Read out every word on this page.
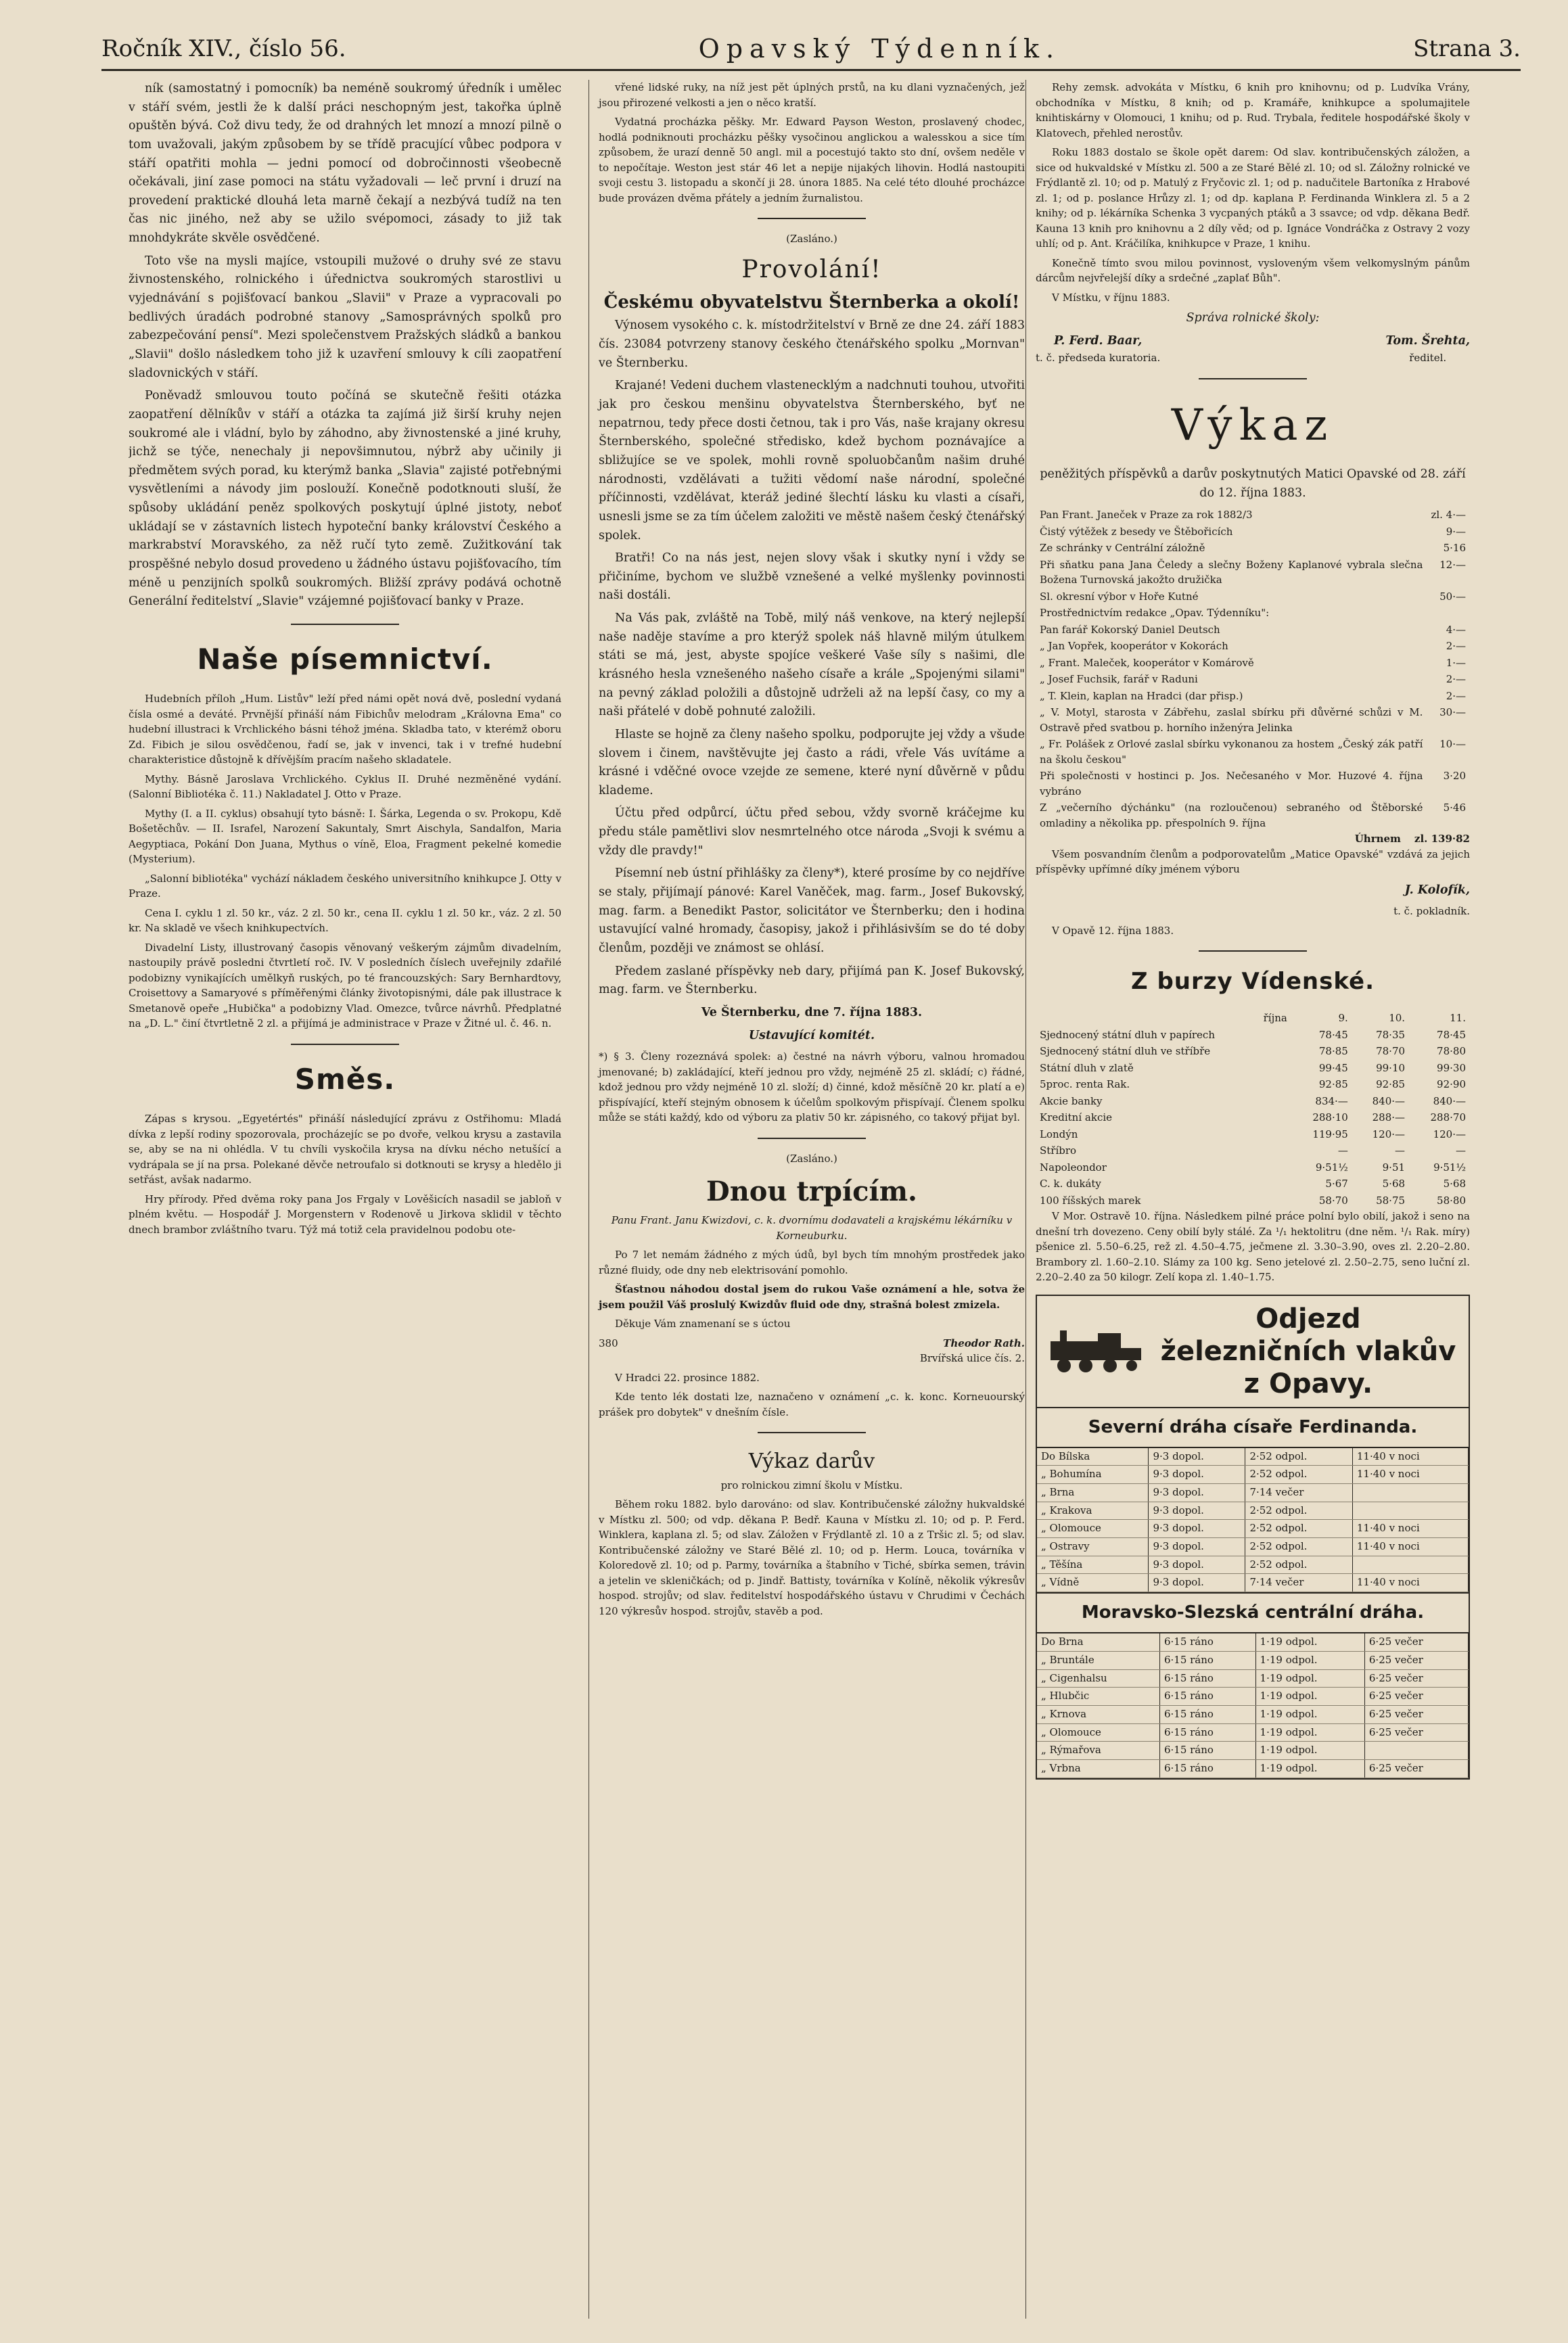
Ročník XIV., číslo 56.	Opavský Týdenník.	Strana 3.

ník (samostatný i pomocník) ba neméně soukromý úředník i umělec v stáří svém, jestli že k další práci neschopným jest, takořka úplně opuštěn bývá. Což divu tedy, že od drahných let mnozí a mnozí pilně o tom uvažovali, jakým způsobem by se třídě pracující vůbec podpora v stáří opatřiti mohla — jedni pomocí od dobročinnosti všeobecně očekávali, jiní zase pomoci na státu vyžadovali — leč první i druzí na provedení praktické dlouhá leta marně čekají a nezbývá tudíž na ten čas nic jiného, než aby se užilo svépomoci, zásady to již tak mnohdykráte skvěle osvědčené.

Toto vše na mysli majíce, vstoupili mužové o druhy své ze stavu živnostenského, rolnického i úřednictva soukromých starostlivi u vyjednávání s pojišťovací bankou „Slavii" v Praze a vypracovali po bedlivých úradách podrobné stanovy „Samosprávných spolků pro zabezpečování pensí". Mezi společenstvem Pražských sládků a bankou „Slavii" došlo následkem toho již k uzavření smlouvy k cíli zaopatření sladovnických v stáří.

Poněvadž smlouvou touto počíná se skutečně řešiti otázka zaopatření dělníkův v stáří a otázka ta zajímá již širší kruhy nejen soukromé ale i vládní, bylo by záhodno, aby živnostenské a jiné kruhy, jichž se týče, nenechaly ji nepovšimnutou, nýbrž aby učinily ji předmětem svých porad, ku kterýmž banka „Slavia" zajisté potřebnými vysvětleními a návody jim poslouží. Konečně podotknouti sluší, že spůsoby ukládání peněz spolkových poskytují úplné jistoty, neboť ukládají se v zástavních listech hypoteční banky království Českého a markrabství Moravského, za něž ručí tyto země. Zužitkování tak prospěšné nebylo dosud provedeno u žádného ústavu pojišťovacího, tím méně u penzijních spolků soukromých. Bližší zprávy podává ochotně Generální ředitelství „Slavie" vzájemné pojišťovací banky v Praze.

Naše písemnictví.

Hudebních příloh „Hum. Listův" leží před námi opět nová dvě, poslední vydaná čísla osmé a deváté. Prvnější přináší nám Fibichův melodram „Královna Ema" co hudební illustraci k Vrchlického básni téhož jména. Skladba tato, v kterémž oboru Zd. Fibich je silou osvědčenou, řadí se, jak v invenci, tak i v trefné hudební charakteristice důstojně k dřívějším pracím našeho skladatele.

Mythy. Básně Jaroslava Vrchlického. Cyklus II. Druhé nezměněné vydání. (Salonní Bibliotéka č. 11.) Nakladatel J. Otto v Praze.

Mythy (I. a II. cyklus) obsahují tyto básně: I. Šárka, Legenda o sv. Prokopu, Kdě Bošetěchův. — II. Israfel, Narození Sakuntaly, Smrt Aischyla, Sandalfon, Maria Aegyptiaca, Pokání Don Juana, Mythus o víně, Eloa, Fragment pekelné komedie (Mysterium).

„Salonní bibliotéka" vychází nákladem českého universitního knihkupce J. Otty v Praze.

Cena I. cyklu 1 zl. 50 kr., váz. 2 zl. 50 kr., cena II. cyklu 1 zl. 50 kr., váz. 2 zl. 50 kr. Na skladě ve všech knihkupectvích.

Divadelní Listy, illustrovaný časopis věnovaný veškerým zájmům divadelním, nastoupily právě posledni čtvrtletí roč. IV. V posledních číslech uveřejnily zdařilé podobizny vynikajících umělkyň ruských, po té francouzských: Sary Bernhardtovy, Croisettovy a Samaryové s příměřenými články životopisnými, dále pak illustrace k Smetanově opeře „Hubička" a podobizny Vlad. Omezce, tvůrce návrhů. Předplatné na „D. L." činí čtvrtletně 2 zl. a přijímá je administrace v Praze v Žitné ul. č. 46. n.

Směs.

Zápas s krysou. „Egyetértés" přináší následující zprávu z Ostřihomu: Mladá dívka z lepší rodiny spozorovala, procházejíc se po dvoře, velkou krysu a zastavila se, aby se na ni ohlédla. V tu chvíli vyskočila krysa na dívku nécho netušící a vydrápala se jí na prsa. Polekané děvče netroufalo si dotknouti se krysy a hledělo ji setřást, avšak nadarmo.

Hry přírody. Před dvěma roky pana Jos Frgaly v Lověšicích nasadil se jabloň v plném květu. — Hospodář J. Morgenstern v Rodenově u Jirkova sklidil v těchto dnech brambor zvláštního tvaru. Týž má totiž cela pravidelnou podobu ote-

vřené lidské ruky, na níž jest pět úplných prstů, na ku dlani vyznačených, jež jsou přirozené velkosti a jen o něco kratší.

Vydatná procházka pěšky. Mr. Edward Payson Weston, proslavený chodec, hodlá podniknouti procházku pěšky vysočinou anglickou a walesskou a sice tím způsobem, že urazí denně 50 angl. mil a pocestujó takto sto dní, ovšem neděle v to nepočítaje. Weston jest stár 46 let a nepije nijakých lihovin. Hodlá nastoupiti svoji cestu 3. listopadu a skončí ji 28. února 1885. Na celé této dlouhé procházce bude provázen dvěma přátely a jedním žurnalistou.

(Zasláno.)

Provolání!
Českému obyvatelstvu Šternberka a okolí!

Výnosem vysokého c. k. místodržitelství v Brně ze dne 24. září 1883 čís. 23084 potvrzeny stanovy českého čtenářského spolku „Mornvan" ve Šternberku.

Krajané! Vedeni duchem vlastenecklým a nadchnuti touhou, utvořiti jak pro českou menšinu obyvatelstva Šternberského, byť ne nepatrnou, tedy přece dosti četnou, tak i pro Vás, naše krajany okresu Šternberského, společné středisko, kdež bychom poznávajíce a sbližujíce se ve spolek, mohli rovně spoluobčanům našim druhé národnosti, vzdělávati a tužiti vědomí naše národní, společné příčinnosti, vzdělávat, kteráž jediné šlechtí lásku ku vlasti a císaři, usnesli jsme se za tím účelem založiti ve městě našem český čtenářský spolek.

Bratři! Co na nás jest, nejen slovy však i skutky nyní i vždy se přičiníme, bychom ve službě vznešené a velké myšlenky povinnosti naši dostáli.

Na Vás pak, zvláště na Tobě, milý náš venkove, na který nejlepší naše naděje stavíme a pro kterýž spolek náš hlavně milým útulkem státi se má, jest, abyste spojíce veškeré Vaše síly s našimi, dle krásného hesla vznešeného našeho císaře a krále „Spojenými silami" na pevný základ položili a důstojně udrželi až na lepší časy, co my a naši přátelé v době pohnuté založili.

Hlaste se hojně za členy našeho spolku, podporujte jej vždy a všude slovem i činem, navštěvujte jej často a rádi, vřele Vás uvítáme a krásné i vděčné ovoce vzejde ze semene, které nyní důvěrně v půdu klademe.

Účtu před odpůrcí, účtu před sebou, vždy svorně kráčejme ku předu stále pamětlivi slov nesmrtelného otce národa „Svoji k svému a vždy dle pravdy!"

Písemní neb ústní přihlášky za členy*), které prosíme by co nejdříve se staly, přijímají pánové: Karel Vaněček, mag. farm., Josef Bukovský, mag. farm. a Benedikt Pastor, solicitátor ve Šternberku; den i hodina ustavující valné hromady, časopisy, jakož i přihlásivším se do té doby členům, později ve známost se ohlásí.

Předem zaslané příspěvky neb dary, přijímá pan K. Josef Bukovský, mag. farm. ve Šternberku.

Ve Šternberku, dne 7. října 1883.

Ustavující komitét.

*) § 3. Členy rozeznává spolek: a) čestné na návrh výboru, valnou hromadou jmenované; b) zakládající, kteří jednou pro vždy, nejméně 25 zl. skládí; c) řádné, kdož jednou pro vždy nejméně 10 zl. složí; d) činné, kdož měsíčně 20 kr. platí a e) přispívající, kteří stejným obnosem k účelům spolkovým přispívají. Členem spolku může se státi každý, kdo od výboru za plativ 50 kr. zápisného, co takový přijat byl.

(Zasláno.)

Dnou trpícím.

Panu Frant. Janu Kwizdovi, c. k. dvornímu dodavateli a krajskému lékárníku v Korneuburku.

Po 7 let nemám žádného z mých údů, byl bych tím mnohým prostředek jako různé fluidy, ode dny neb elektrisování pomohlo.

Šťastnou náhodou dostal jsem do rukou Vaše oznámení a hle, sotva že jsem použil Váš proslulý Kwizdův fluid ode dny, strašná bolest zmizela.

Děkuje Vám znamenaní se s úctou

380	Theodor Rath.

Brvířská ulice čís. 2.

V Hradci 22. prosince 1882.

Kde tento lék dostati lze, naznačeno v oznámení „c. k. konc. Korneuourský prášek pro dobytek" v dnešním čísle.

Výkaz darův

pro rolnickou zimní školu v Místku.

Během roku 1882. bylo darováno: od slav. Kontribučenské záložny hukvaldské v Místku zl. 500; od vdp. děkana P. Bedř. Kauna v Místku zl. 10; od p. P. Ferd. Winklera, kaplana zl. 5; od slav. Záložen v Frýdlantě zl. 10 a z Tršic zl. 5; od slav. Kontribučenské záložny ve Staré Bělé zl. 10; od p. Herm. Louca, továrníka v Koloredově zl. 10; od p. Parmy, továrníka a štabního v Tiché, sbírka semen, trávin a jetelin ve skleničkách; od p. Jindř. Battisty, továrníka v Kolíně, několik výkresův hospod. strojův; od slav. ředitelství hospodářského ústavu v Chrudimi v Čechách 120 výkresův hospod. strojův, stavěb a pod.

Rehy zemsk. advokáta v Místku, 6 knih pro knihovnu; od p. Ludvíka Vrány, obchodníka v Místku, 8 knih; od p. Kramáře, knihkupce a spolumajitele knihtiskárny v Olomouci, 1 knihu; od p. Rud. Trybala, ředitele hospodářské školy v Klatovech, přehled nerostův.

Roku 1883 dostalo se škole opět darem: Od slav. kontribučenských záložen, a sice od hukvaldské v Místku zl. 500 a ze Staré Bělé zl. 10; od sl. Záložny rolnické ve Frýdlantě zl. 10; od p. Matulý z Fryčovic zl. 1; od p. nadučitele Bartoníka z Hrabové zl. 1; od p. poslance Hrůzy zl. 1; od dp. kaplana P. Ferdinanda Winklera zl. 5 a 2 knihy; od p. lékárníka Schenka 3 vycpaných ptáků a 3 ssavce; od vdp. děkana Bedř. Kauna 13 knih pro knihovnu a 2 díly věd; od p. Ignáce Vondráčka z Ostravy 2 vozy uhlí; od p. Ant. Kráčilíka, knihkupce v Praze, 1 knihu.

Konečně tímto svou milou povinnost, vysloveným všem velkomyslným pánům dárcům nejvřelejší díky a srdečné „zaplať Bůh".

V Místku, v říjnu 1883.

Správa rolnické školy:

P. Ferd. Baar,
t. č. předseda kuratoria.
Tom. Šrehta,
ředitel.
Výkaz

peněžitých příspěvků a darův poskytnutých Matici Opavské od 28. září do 12. října 1883.

Pan Frant. Janeček v Praze za rok 1882/3	zl. 4·—
Čistý výtěžek z besedy ve Štěbořicích	9·—
Ze schránky v Centrální záložně	5·16
Při sňatku pana Jana Čeledy a slečny Boženy Kaplanové vybrala slečna Božena Turnovská jakožto družička	12·—
Sl. okresní výbor v Hoře Kutné	50·—
Prostřednictvím redakce „Opav. Týdenníku":	
Pan farář Kokorský Daniel Deutsch	4·—
„ Jan Vopřek, kooperátor v Kokorách	2·—
„ Frant. Maleček, kooperátor v Komárově	1·—
„ Josef Fuchsik, farář v Raduni	2·—
„ T. Klein, kaplan na Hradci (dar přisp.)	2·—
„ V. Motyl, starosta v Zábřehu, zaslal sbírku při důvěrné schůzi v M. Ostravě před svatbou p. horního inženýra Jelinka	30·—
„ Fr. Polášek z Orlové zaslal sbírku vykonanou za hostem „Český zák patří na školu českou"	10·—
Při společnosti v hostinci p. Jos. Nečesaného v Mor. Huzové 4. října vybráno	3·20
Z „večerního dýchánku" (na rozloučenou) sebraného od Štěborské omladiny a několika pp. přespolních 9. října	5·46
Úhrnem zl. 139·82

Všem posvandním členům a podporovatelům „Matice Opavské" vzdává za jejich příspěvky upřímné díky jménem výboru

J. Kolofík,

t. č. pokladník.

V Opavě 12. října 1883.

Z burzy Vídenské.
října	9.	10.	11.
Sjednocený státní dluh v papírech	78·45	78·35	78·45
Sjednocený státní dluh ve stříbře	78·85	78·70	78·80
Státní dluh v zlatě	99·45	99·10	99·30
5proc. renta Rak.	92·85	92·85	92·90
Akcie banky	834·—	840·—	840·—
Kreditní akcie	288·10	288·—	288·70
Londýn	119·95	120·—	120·—
Stříbro	—	—	—
Napoleondor	9·51½	9·51	9·51½
C. k. dukáty	5·67	5·68	5·68
100 říšských marek	58·70	58·75	58·80

V Mor. Ostravě 10. října. Následkem pilné práce polní bylo obilí, jakož i seno na dnešní trh dovezeno. Ceny obilí byly stálé. Za ¹/₁ hektolitru (dne něm. ¹/₁ Rak. míry) pšenice zl. 5.50–6.25, rež zl. 4.50–4.75, ječmene zl. 3.30–3.90, oves zl. 2.20–2.80. Brambory zl. 1.60–2.10. Slámy za 100 kg. Seno jetelové zl. 2.50–2.75, seno luční zl. 2.20–2.40 za 50 kilogr. Zelí kopa zl. 1.40–1.75.

Odjezd
železničních vlakův z Opavy.
Severní dráha císaře Ferdinanda.
Do Bílska	9·3 dopol.	2·52 odpol.	11·40 v noci
„ Bohumína	9·3 dopol.	2·52 odpol.	11·40 v noci
„ Brna	9·3 dopol.	7·14 večer	
„ Krakova	9·3 dopol.	2·52 odpol.	
„ Olomouce	9·3 dopol.	2·52 odpol.	11·40 v noci
„ Ostravy	9·3 dopol.	2·52 odpol.	11·40 v noci
„ Těšína	9·3 dopol.	2·52 odpol.	
„ Vídně	9·3 dopol.	7·14 večer	11·40 v noci
Moravsko-Slezská centrální dráha.
Do Brna	6·15 ráno	1·19 odpol.	6·25 večer
„ Bruntále	6·15 ráno	1·19 odpol.	6·25 večer
„ Cigenhalsu	6·15 ráno	1·19 odpol.	6·25 večer
„ Hlubčic	6·15 ráno	1·19 odpol.	6·25 večer
„ Krnova	6·15 ráno	1·19 odpol.	6·25 večer
„ Olomouce	6·15 ráno	1·19 odpol.	6·25 večer
„ Rýmařova	6·15 ráno	1·19 odpol.	
„ Vrbna	6·15 ráno	1·19 odpol.	6·25 večer
